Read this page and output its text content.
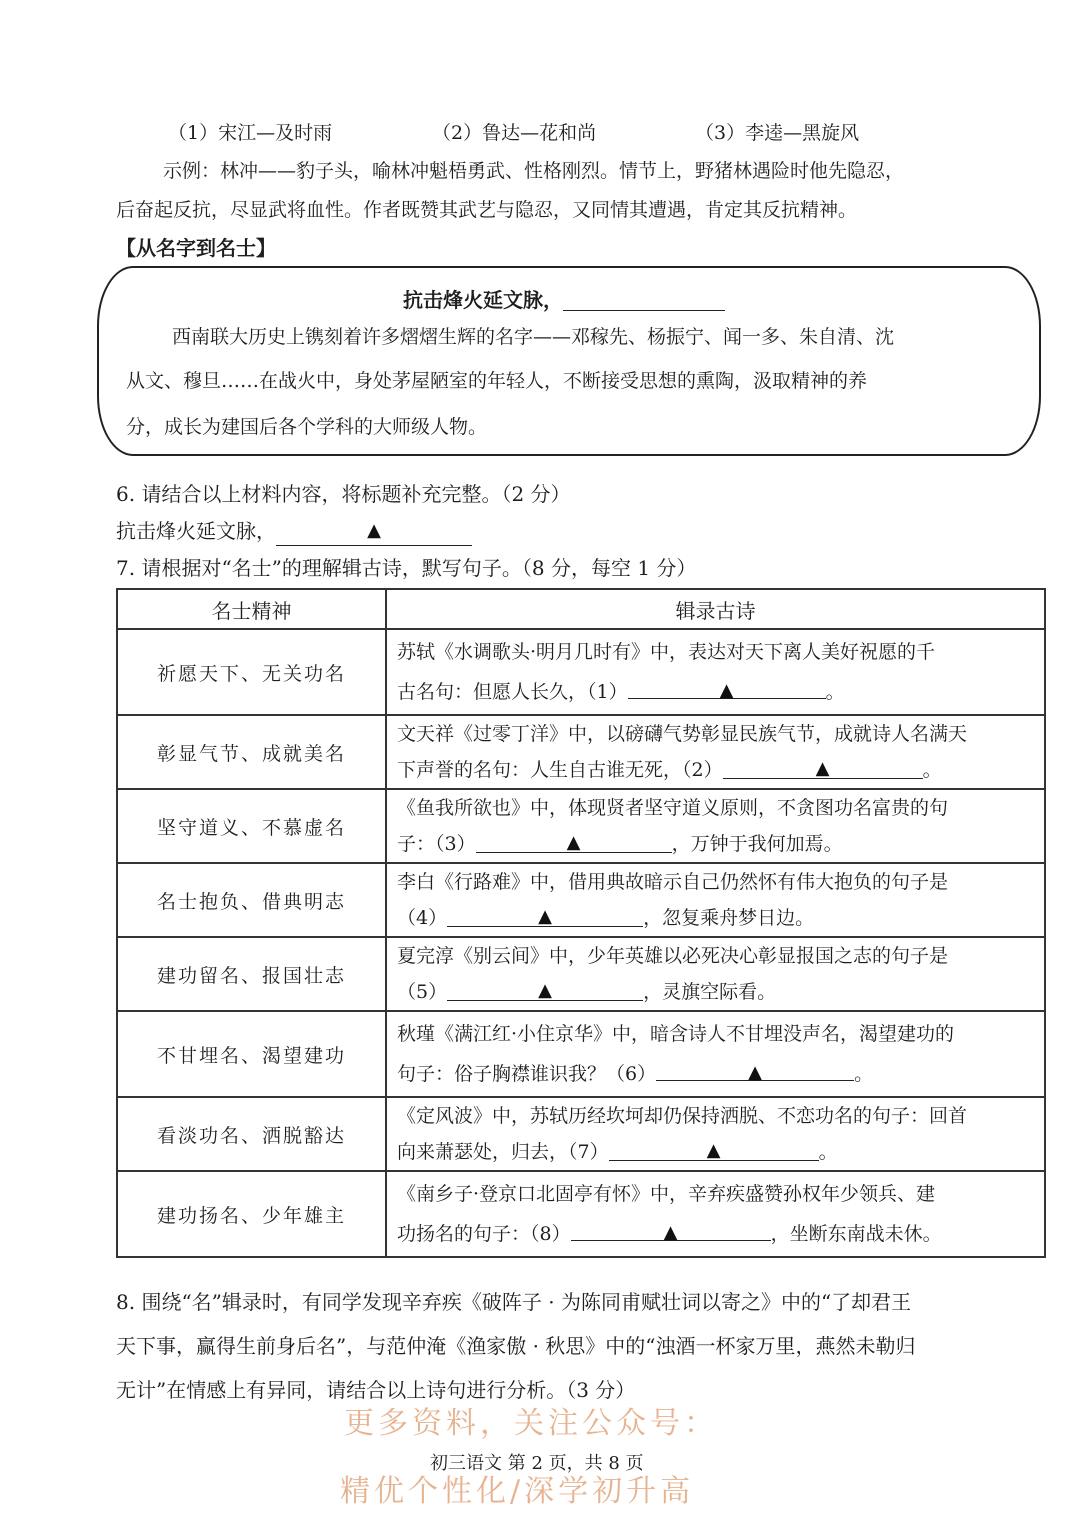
（1）宋江—及时雨	（2）鲁达—花和尚	（3）李逵—黑旋风
示例：林冲——豹子头，喻林冲魁梧勇武、性格刚烈。情节上，野猪林遇险时他先隐忍，
后奋起反抗，尽显武将血性。作者既赞其武艺与隐忍，又同情其遭遇，肯定其反抗精神。
【从名字到名士】
抗击烽火延文脉，
西南联大历史上镌刻着许多熠熠生辉的名字——邓稼先、杨振宁、闻一多、朱自清、沈
从文、穆旦……在战火中，身处茅屋陋室的年轻人，不断接受思想的熏陶，汲取精神的养
分，成长为建国后各个学科的大师级人物。
6. 请结合以上材料内容，将标题补充完整。（2 分）
抗击烽火延文脉，	▲
7. 请根据对“名士”的理解辑古诗，默写句子。（8 分，每空 1 分）
名士精神	辑录古诗
祈愿天下、无关功名	苏轼《水调歌头·明月几时有》中，表达对天下离人美好祝愿的千
古名句：但愿人长久，（1） ▲ 。

彰显气节、成就美名	文天祥《过零丁洋》中，以磅礴气势彰显民族气节，成就诗人名满天
下声誉的名句：人生自古谁无死，（2） ▲ 。

坚守道义、不慕虚名	《鱼我所欲也》中，体现贤者坚守道义原则，不贪图功名富贵的句
子：（3） ▲ ，万钟于我何加焉。

名士抱负、借典明志	李白《行路难》中，借用典故暗示自己仍然怀有伟大抱负的句子是
（4） ▲ ，忽复乘舟梦日边。

建功留名、报国壮志	夏完淳《别云间》中，少年英雄以必死决心彰显报国之志的句子是
（5） ▲ ，灵旗空际看。

不甘埋名、渴望建功	秋瑾《满江红·小住京华》中，暗含诗人不甘埋没声名，渴望建功的
句子：俗子胸襟谁识我？（6） ▲ 。

看淡功名、洒脱豁达	《定风波》中，苏轼历经坎坷却仍保持洒脱、不恋功名的句子：回首
向来萧瑟处，归去，（7） ▲ 。

建功扬名、少年雄主	《南乡子·登京口北固亭有怀》中，辛弃疾盛赞孙权年少领兵、建
功扬名的句子：（8） ▲ ，坐断东南战未休。
8. 围绕“名”辑录时，有同学发现辛弃疾《破阵子 · 为陈同甫赋壮词以寄之》中的“了却君王
天下事，赢得生前身后名”，与范仲淹《渔家傲 · 秋思》中的“浊酒一杯家万里，燕然未勒归
无计”在情感上有异同，请结合以上诗句进行分析。（3 分）
更多资料，关注公众号：
初三语文 第 2 页，共 8 页
精优个性化/深学初升高
